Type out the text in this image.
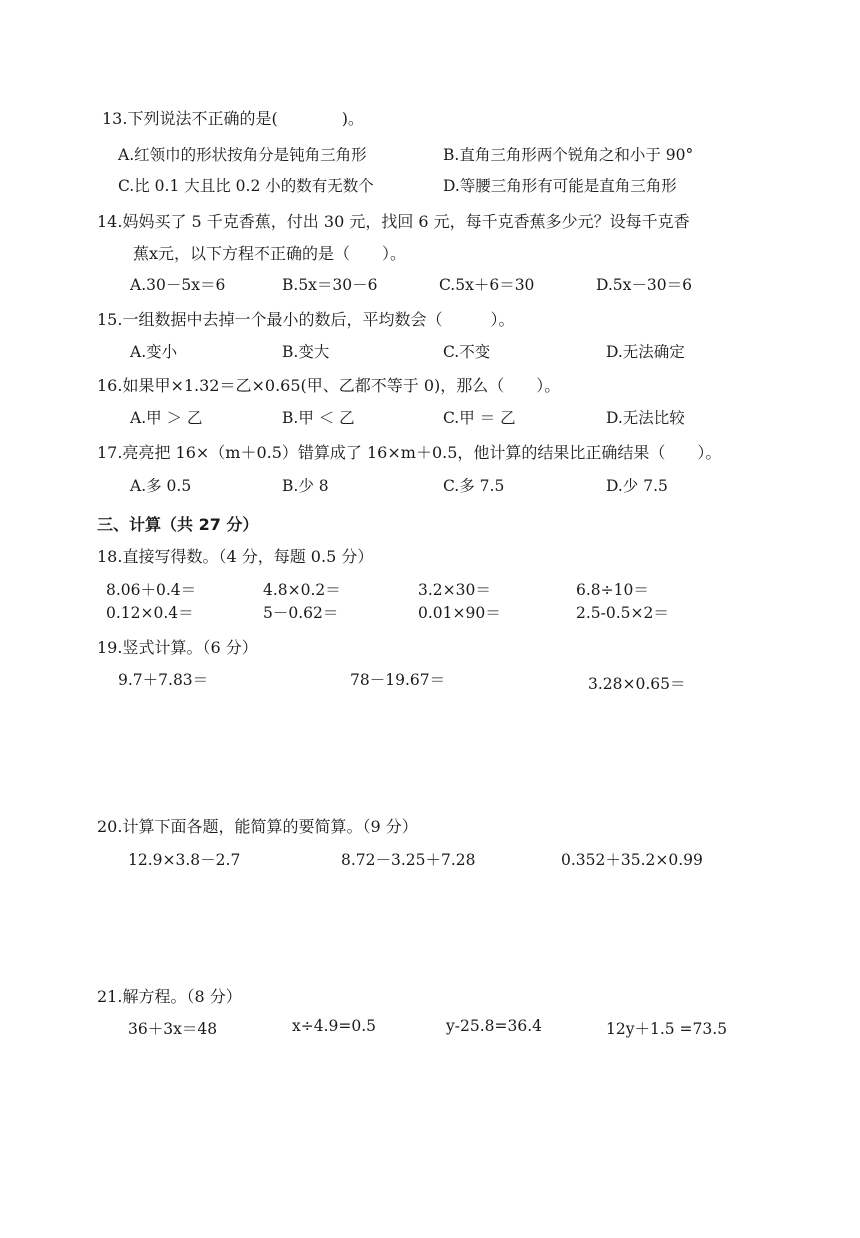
13.下列说法不正确的是(　　　　)。
A.红领巾的形状按角分是钝角三角形	B.直角三角形两个锐角之和小于 90°
C.比 0.1 大且比 0.2 小的数有无数个	D.等腰三角形有可能是直角三角形
14.妈妈买了 5 千克香蕉，付出 30 元，找回 6 元，每千克香蕉多少元？设每千克香
蕉x元，以下方程不正确的是（　　）。
A.30－5x＝6	B.5x＝30－6	C.5x＋6＝30	D.5x－30＝6
15.一组数据中去掉一个最小的数后，平均数会（　　　）。
A.变小	B.变大	C.不变	D.无法确定
16.如果甲×1.32＝乙×0.65(甲、乙都不等于 0)，那么（　　）。
A.甲 ＞ 乙	B.甲 ＜ 乙	C.甲 ＝ 乙	D.无法比较
17.亮亮把 16×（m＋0.5）错算成了 16×m＋0.5，他计算的结果比正确结果（　　）。
A.多 0.5	B.少 8	C.多 7.5	D.少 7.5
三、计算（共 27 分）
18.直接写得数。（4 分，每题 0.5 分）
8.06＋0.4＝	4.8×0.2＝	3.2×30＝	6.8÷10＝
0.12×0.4＝	5－0.62＝	0.01×90＝	2.5-0.5×2＝
19.竖式计算。（6 分）
9.7＋7.83＝	78－19.67＝	3.28×0.65＝
20.计算下面各题，能简算的要简算。（9 分）
12.9×3.8－2.7	8.72－3.25＋7.28	0.352＋35.2×0.99
21.解方程。（8 分）
36＋3x＝48	x÷4.9=0.5	y-25.8=36.4	12y＋1.5 =73.5
